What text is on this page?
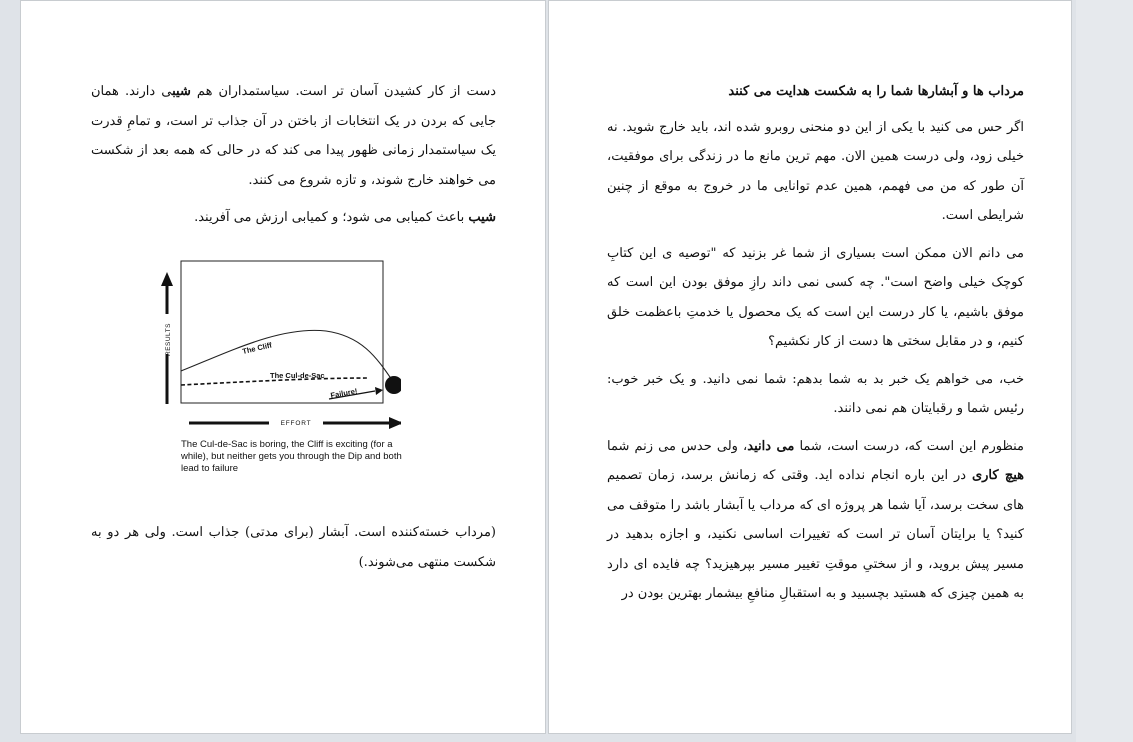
دست از کار کشیدن آسان تر است. سیاستمداران هم شیبی دارند. همان جایی که بردن در یک انتخابات از باختن در آن جذاب تر است، و تمامِ قدرت یک سیاستمدار زمانی ظهور پیدا می کند که در حالی که همه بعد از شکست می خواهند خارج شوند، و تازه شروع می کنند.

شیب باعث کمیابی می شود؛ و کمیابی ارزش می آفریند.

RESULTS
EFFORT
The Cliff
The Cul-de-Sac
Failure!
The Cul-de-Sac is boring, the Cliff is exciting (for a while), but neither gets you through the Dip and both lead to failure

(مرداب خسته‌کننده است. آبشار (برای مدتی) جذاب است. ولی هر دو به شکست منتهی می‌شوند.)

مرداب ها و آبشارها شما را به شکست هدایت می کنند

اگر حس می کنید با یکی از این دو منحنی روبرو شده اند، باید خارج شوید. نه خیلی زود، ولی درست همین الان. مهم ترین مانع ما در زندگی برای موفقیت، آن طور که من می فهمم، همین عدم توانایی ما در خروج به موقع از چنین شرایطی است.

می دانم الان ممکن است بسیاری از شما غر بزنید که "توصیه ی این کتابِ کوچک خیلی واضح است". چه کسی نمی داند رازِ موفق بودن این است که موفق باشیم، یا کار درست این است که یک محصول یا خدمتِ باعظمت خلق کنیم، و در مقابل سختی ها دست از کار نکشیم؟

خب، می خواهم یک خبر بد به شما بدهم: شما نمی دانید. و یک خبر خوب: رئیس شما و رقبایتان هم نمی دانند.

منظورم این است که، درست است، شما می دانید، ولی حدس می زنم شما هیچ کاری در این باره انجام نداده اید. وقتی که زمانش برسد، زمان تصمیم های سخت برسد، آیا شما هر پروژه ای که مرداب یا آبشار باشد را متوقف می کنید؟ یا برایتان آسان تر است که تغییرات اساسی نکنید، و اجازه بدهید در مسیر پیش بروید، و از سختیِ موقتِ تغییر مسیر بپرهیزید؟ چه فایده ای دارد به همین چیزی که هستید بچسبید و به استقبالِ منافعِ بیشمار بهترین بودن در
